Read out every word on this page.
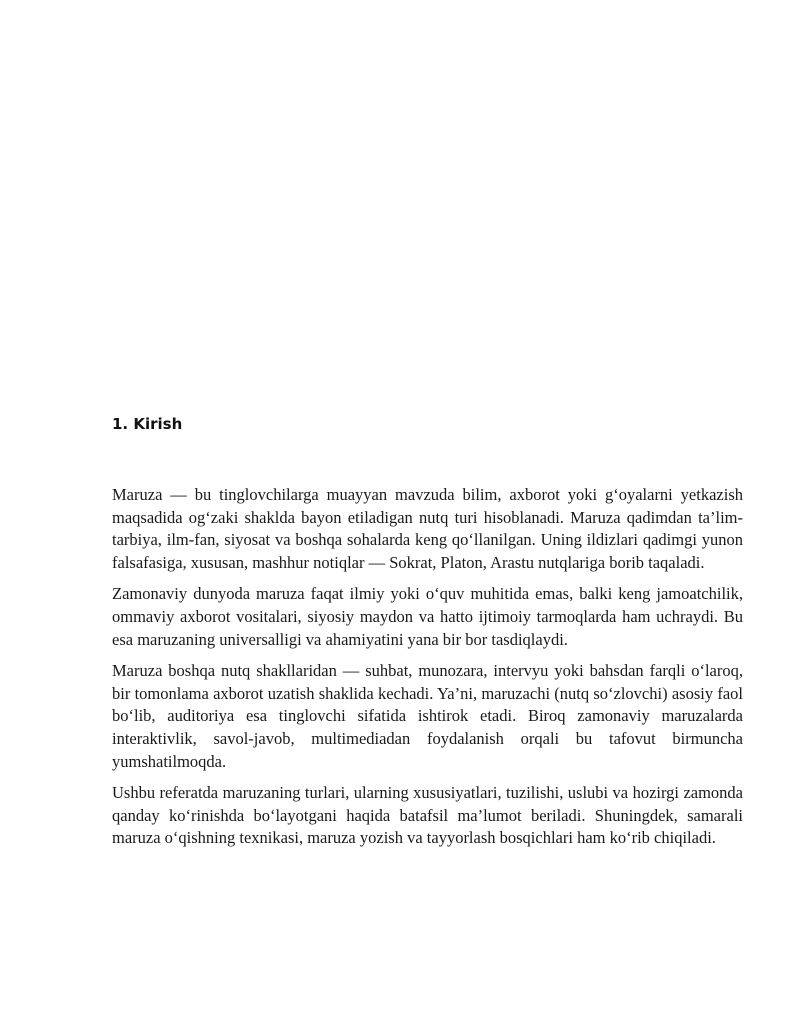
1. Kirish

Maruza — bu tinglovchilarga muayyan mavzuda bilim, axborot yoki g‘oyalarni yetkazish maqsadida og‘zaki shaklda bayon etiladigan nutq turi hisoblanadi. Maruza qadimdan ta’lim-tarbiya, ilm-fan, siyosat va boshqa sohalarda keng qo‘llanilgan. Uning ildizlari qadimgi yunon falsafasiga, xususan, mashhur notiqlar — Sokrat, Platon, Arastu nutqlariga borib taqaladi.

Zamonaviy dunyoda maruza faqat ilmiy yoki o‘quv muhitida emas, balki keng jamoatchilik, ommaviy axborot vositalari, siyosiy maydon va hatto ijtimoiy tarmoqlarda ham uchraydi. Bu esa maruzaning universalligi va ahamiyatini yana bir bor tasdiqlaydi.

Maruza boshqa nutq shakllaridan — suhbat, munozara, intervyu yoki bahsdan farqli o‘laroq, bir tomonlama axborot uzatish shaklida kechadi. Ya’ni, maruzachi (nutq so‘zlovchi) asosiy faol bo‘lib, auditoriya esa tinglovchi sifatida ishtirok etadi. Biroq zamonaviy maruzalarda interaktivlik, savol-javob, multimediadan foydalanish orqali bu tafovut birmuncha yumshatilmoqda.

Ushbu referatda maruzaning turlari, ularning xususiyatlari, tuzilishi, uslubi va hozirgi zamonda qanday ko‘rinishda bo‘layotgani haqida batafsil ma’lumot beriladi. Shuningdek, samarali maruza o‘qishning texnikasi, maruza yozish va tayyorlash bosqichlari ham ko‘rib chiqiladi.
